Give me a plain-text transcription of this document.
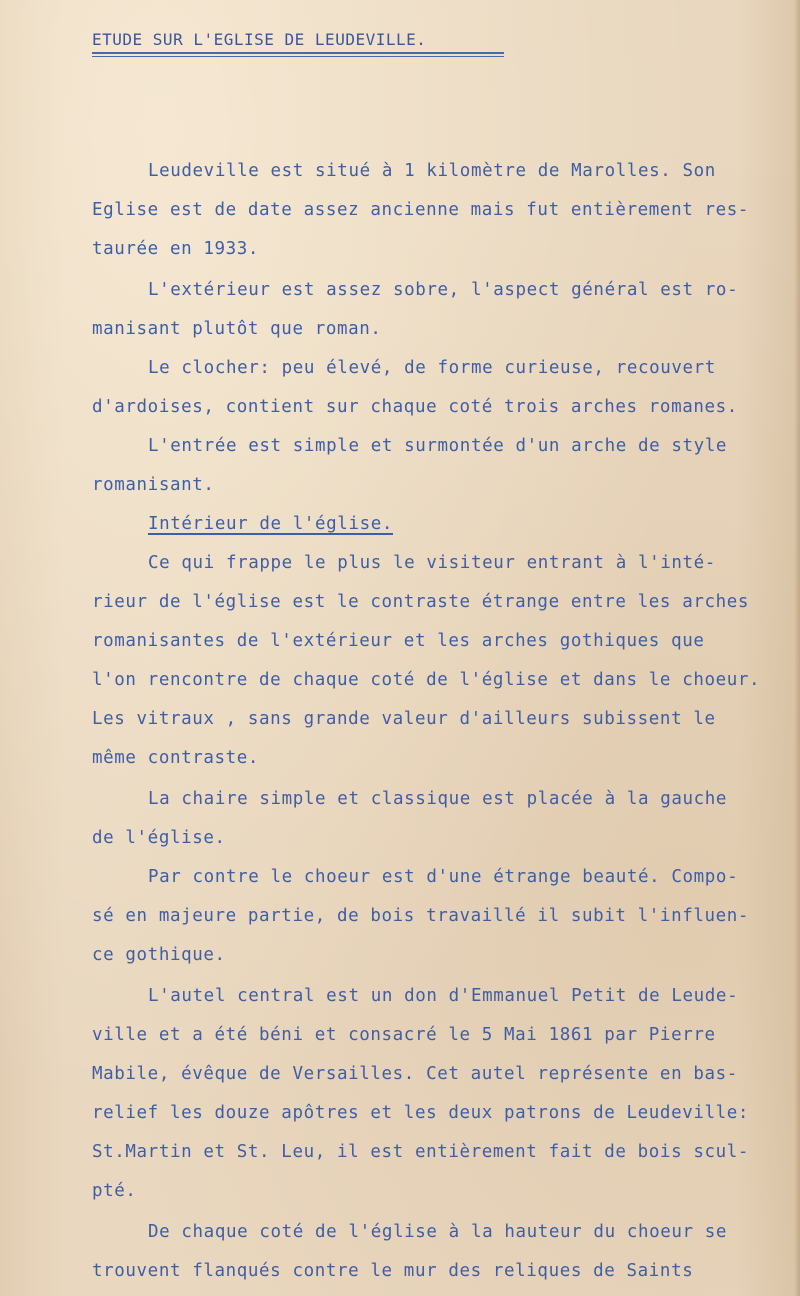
ETUDE SUR L'EGLISE DE LEUDEVILLE.
Leudeville est situé à 1 kilomètre de Marolles. Son
Eglise est de date assez ancienne mais fut entièrement res-
taurée en 1933.
L'extérieur est assez sobre, l'aspect général est ro-
manisant plutôt que roman.
Le clocher: peu élevé, de forme curieuse, recouvert
d'ardoises, contient sur chaque coté trois arches romanes.
L'entrée est simple et surmontée d'un arche de style
romanisant.
Intérieur de l'église.
Ce qui frappe le plus le visiteur entrant à l'inté-
rieur de l'église est le contraste étrange entre les arches
romanisantes de l'extérieur et les arches gothiques que
l'on rencontre de chaque coté de l'église et dans le choeur.
Les vitraux , sans grande valeur d'ailleurs subissent le
même contraste.
La chaire simple et classique est placée à la gauche
de l'église.
Par contre le choeur est d'une étrange beauté. Compo-
sé en majeure partie, de bois travaillé il subit l'influen-
ce gothique.
L'autel central est un don d'Emmanuel Petit de Leude-
ville et a été béni et consacré le 5 Mai 1861 par Pierre
Mabile, évêque de Versailles. Cet autel représente en bas-
relief les douze apôtres et les deux patrons de Leudeville:
St.Martin et St. Leu, il est entièrement fait de bois scul-
pté.
De chaque coté de l'église à la hauteur du choeur se
trouvent flanqués contre le mur des reliques de Saints
